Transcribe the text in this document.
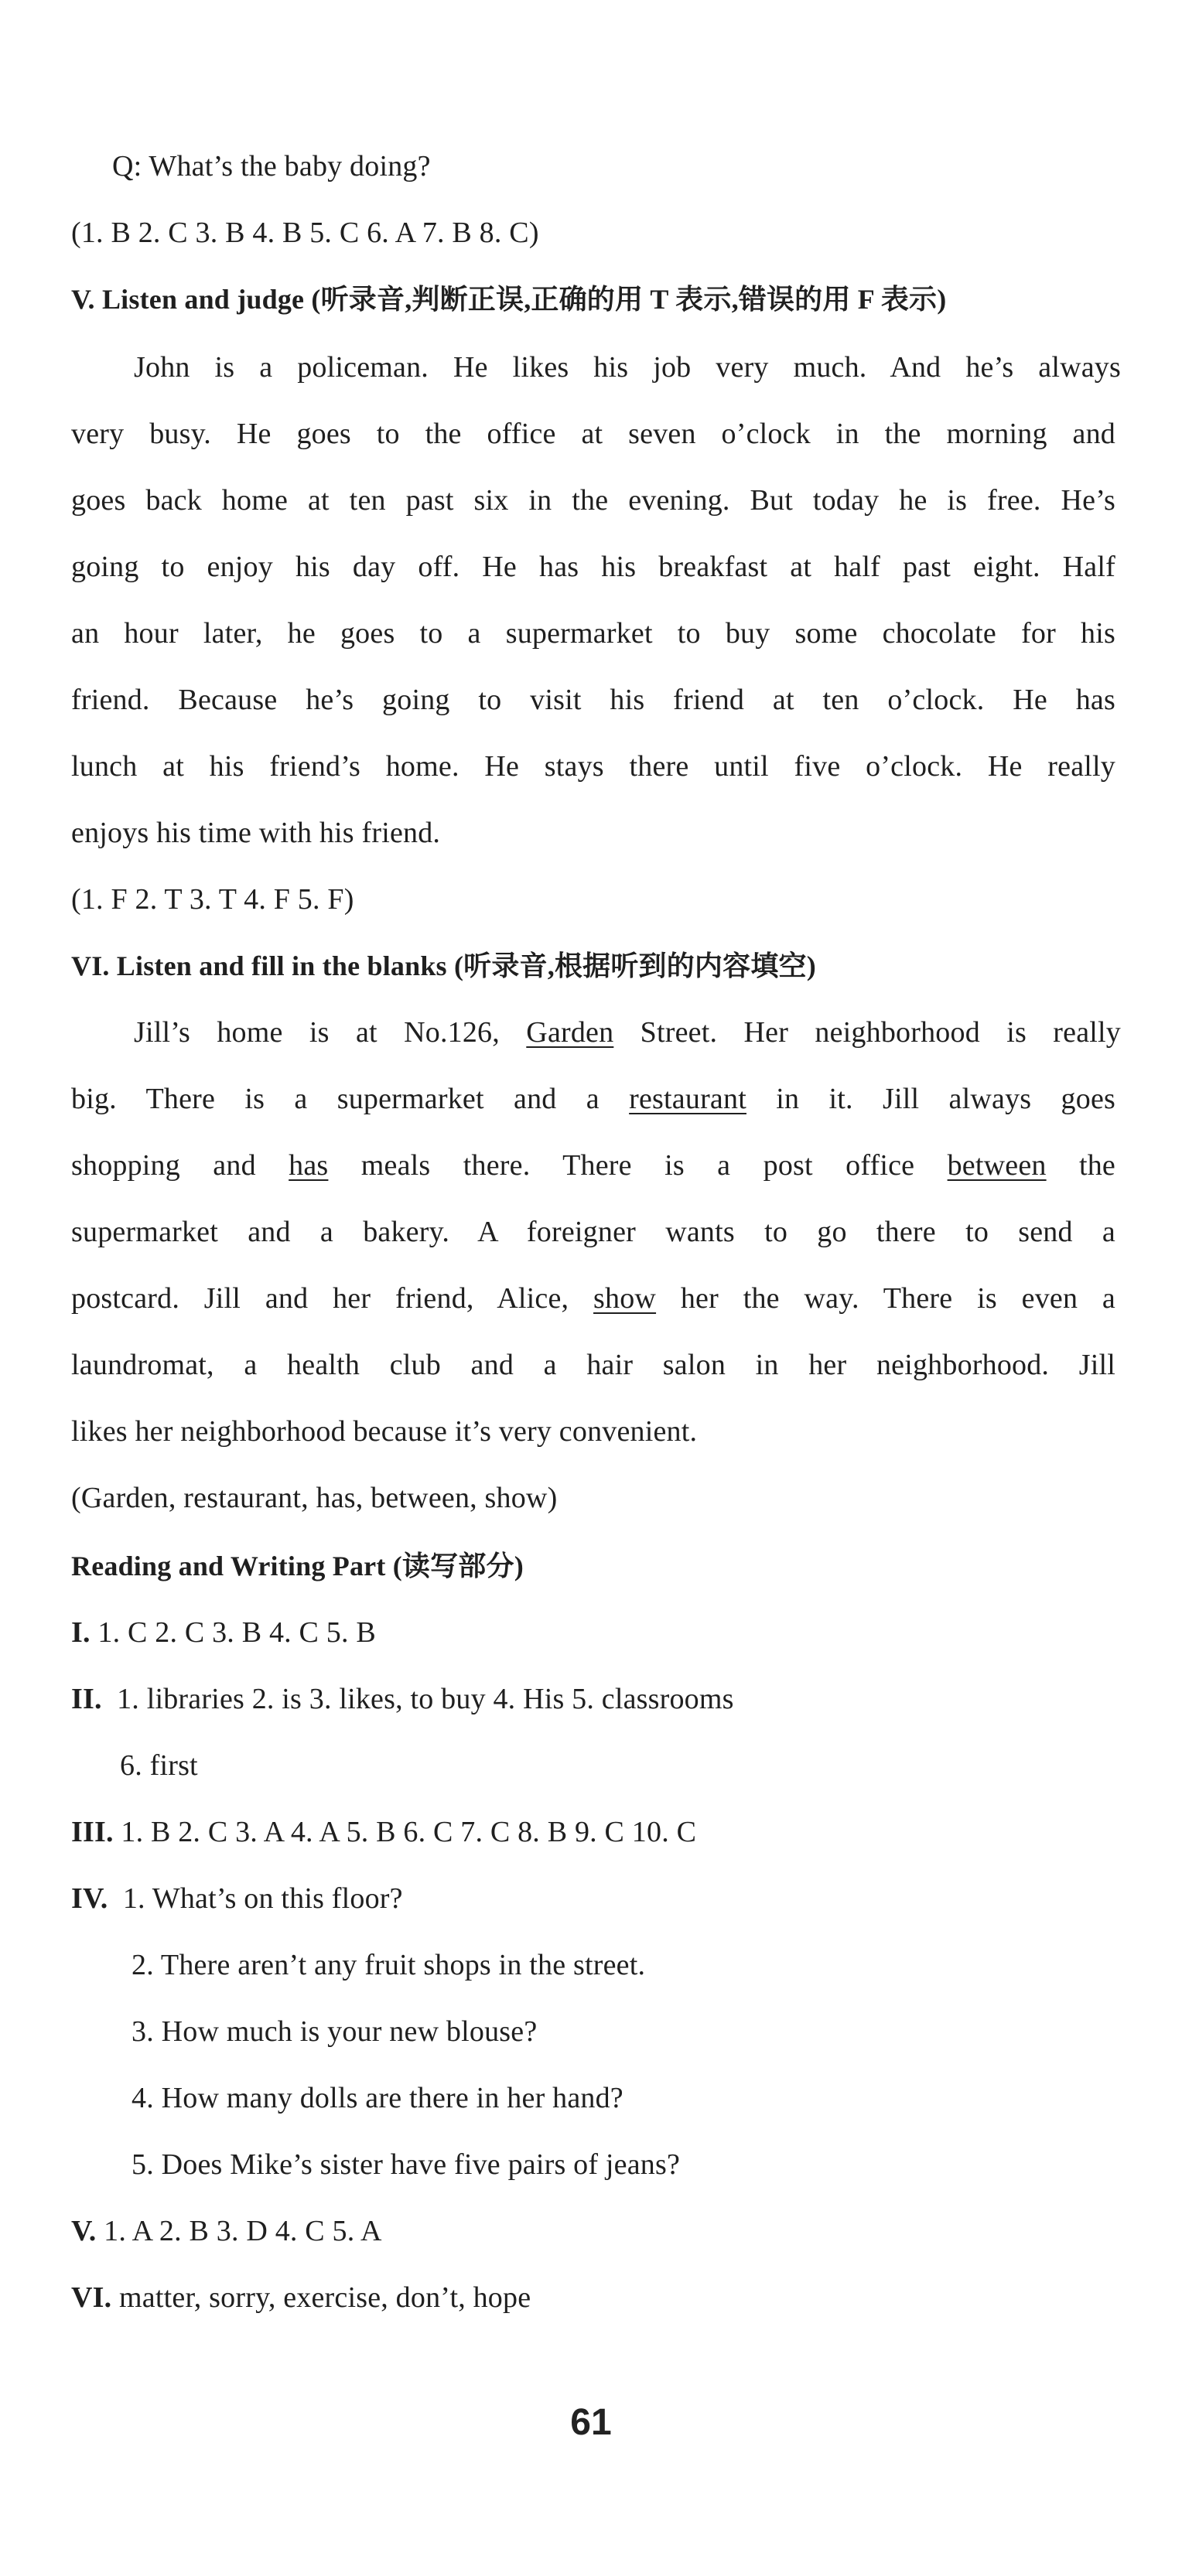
Q: What’s the baby doing?
(1. B 2. C 3. B 4. B 5. C 6. A 7. B 8. C)
V. Listen and judge (听录音,判断正误,正确的用 T 表示,错误的用 F 表示)
John is a policeman. He likes his job very much. And he’s always
very busy. He goes to the office at seven o’clock in the morning and
goes back home at ten past six in the evening. But today he is free. He’s
going to enjoy his day off. He has his breakfast at half past eight. Half
an hour later, he goes to a supermarket to buy some chocolate for his
friend. Because he’s going to visit his friend at ten o’clock. He has
lunch at his friend’s home. He stays there until five o’clock. He really
enjoys his time with his friend.
(1. F 2. T 3. T 4. F 5. F)
VI. Listen and fill in the blanks (听录音,根据听到的内容填空)
Jill’s home is at No.126, Garden Street. Her neighborhood is really
big. There is a supermarket and a restaurant in it. Jill always goes
shopping and has meals there. There is a post office between the
supermarket and a bakery. A foreigner wants to go there to send a
postcard. Jill and her friend, Alice, show her the way. There is even a
laundromat, a health club and a hair salon in her neighborhood. Jill
likes her neighborhood because it’s very convenient.
(Garden, restaurant, has, between, show)
Reading and Writing Part (读写部分)
I. 1. C 2. C 3. B 4. C 5. B
II. 1. libraries 2. is 3. likes, to buy 4. His 5. classrooms
6. first
III. 1. B 2. C 3. A 4. A 5. B 6. C 7. C 8. B 9. C 10. C
IV. 1. What’s on this floor?
2. There aren’t any fruit shops in the street.
3. How much is your new blouse?
4. How many dolls are there in her hand?
5. Does Mike’s sister have five pairs of jeans?
V. 1. A 2. B 3. D 4. C 5. A
VI. matter, sorry, exercise, don’t, hope
61
